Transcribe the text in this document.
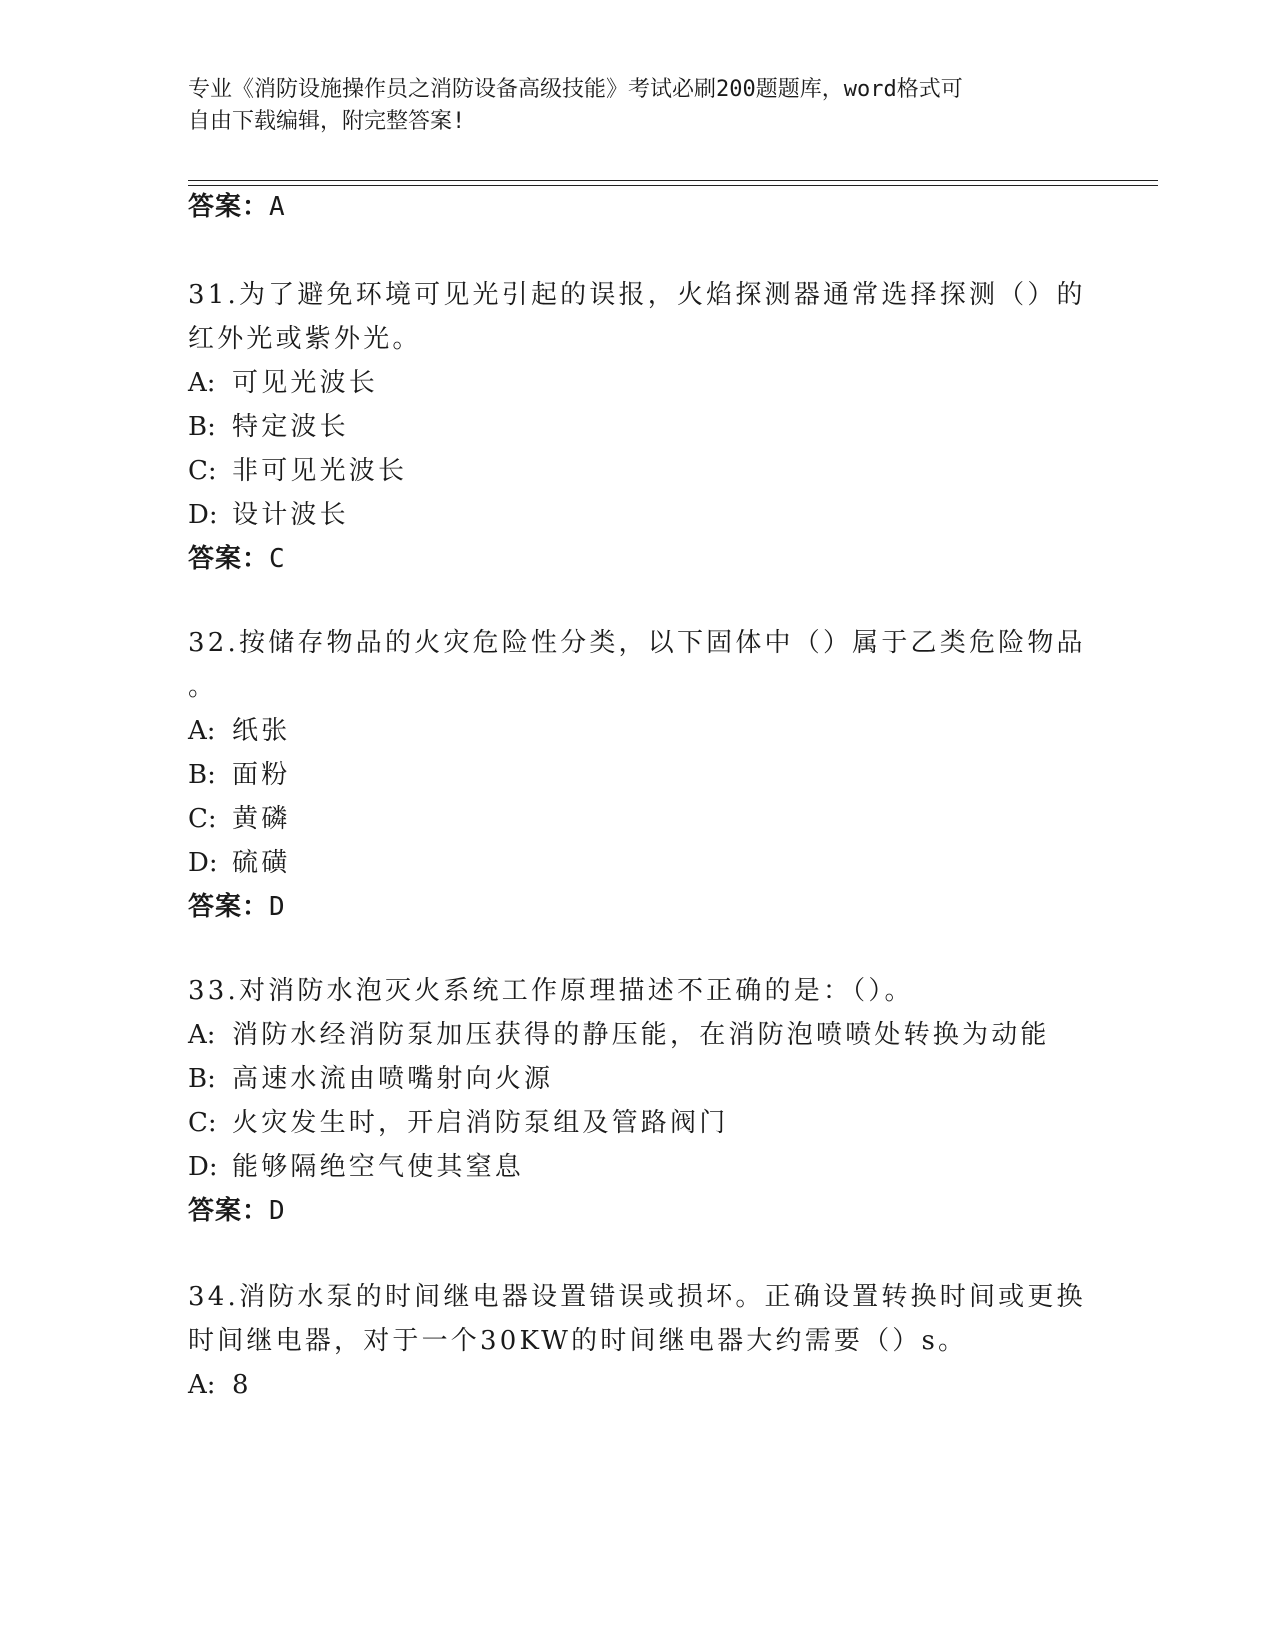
专业《消防设施操作员之消防设备高级技能》考试必刷200题题库，word格式可
自由下载编辑，附完整答案!
答案：A
31.为了避免环境可见光引起的误报，火焰探测器通常选择探测（）的
红外光或紫外光。
A: 可见光波长
B: 特定波长
C: 非可见光波长
D: 设计波长
答案：C
32.按储存物品的火灾危险性分类，以下固体中（）属于乙类危险物品
。
A: 纸张
B: 面粉
C: 黄磷
D: 硫磺
答案：D
33.对消防水泡灭火系统工作原理描述不正确的是：（）。
A: 消防水经消防泵加压获得的静压能，在消防泡喷喷处转换为动能
B: 高速水流由喷嘴射向火源
C: 火灾发生时，开启消防泵组及管路阀门
D: 能够隔绝空气使其窒息
答案：D
34.消防水泵的时间继电器设置错误或损坏。正确设置转换时间或更换
时间继电器，对于一个30KW的时间继电器大约需要（）s。
A: 8
